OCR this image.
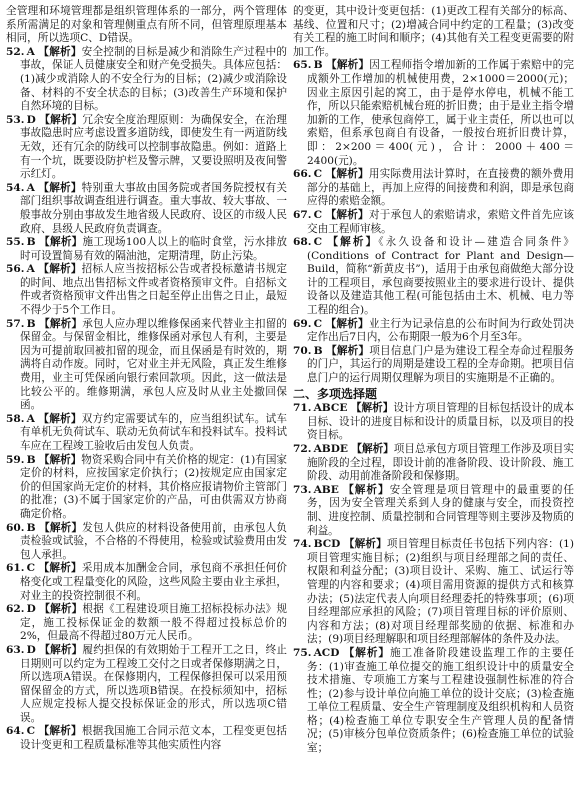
全管理和环境管理都是组织管理体系的一部分，两个管理体系所需满足的对象和管理侧重点有所不同，但管理原理基本相同，所以选项C、D错误。

52.  A 【解析】安全控制的目标是减少和消除生产过程中的事故，保证人员健康安全和财产免受损失。具体应包括：(1)减少或消除人的不安全行为的目标；(2)减少或消除设备、材料的不安全状态的目标；(3)改善生产环境和保护自然环境的目标。

53.  D 【解析】冗余安全度治理原则：为确保安全，在治理事故隐患时应考虑设置多道防线，即使发生有一两道防线无效，还有冗余的防线可以控制事故隐患。例如：道路上有一个坑，既要设防护栏及警示牌，又要设照明及夜间警示红灯。

54.  A 【解析】特别重大事故由国务院或者国务院授权有关部门组织事故调查组进行调查。重大事故、较大事故、一般事故分别由事故发生地省级人民政府、设区的市级人民政府、县级人民政府负责调查。

55.  B 【解析】施工现场100人以上的临时食堂，污水排放时可设置简易有效的隔油池，定期清理，防止污染。

56.  A 【解析】招标人应当按招标公告或者投标邀请书规定的时间、地点出售招标文件或者资格预审文件。自招标文件或者资格预审文件出售之日起至停止出售之日止，最短不得少于5个工作日。

57.  B 【解析】承包人应办理以维修保函来代替业主扣留的保留金。与保留金相比，维修保函对承包人有利，主要是因为可提前取回被扣留的现金，而且保函是有时效的，期满将自动作废。同时，它对业主并无风险，真正发生维修费用，业主可凭保函向银行索回款项。因此，这一做法是比较公平的。维修期满，承包人应及时从业主处撤回保函。

58.  A 【解析】双方约定需要试车的，应当组织试车。试车有单机无负荷试车、联动无负荷试车和投料试车。投料试车应在工程竣工验收后由发包人负责。

59.  B 【解析】物资采购合同中有关价格的规定：(1)有国家定价的材料，应按国家定价执行；(2)按规定应由国家定价的但国家尚无定价的材料，其价格应报请物价主管部门的批准；(3)不属于国家定价的产品，可由供需双方协商确定价格。

60.  B 【解析】发包人供应的材料设备使用前，由承包人负责检验或试验，不合格的不得使用，检验或试验费用由发包人承担。

61.  C 【解析】采用成本加酬金合同，承包商不承担任何价格变化或工程量变化的风险，这些风险主要由业主承担，对业主的投资控制很不利。

62.  D 【解析】根据《工程建设项目施工招标投标办法》规定，施工投标保证金的数额一般不得超过投标总价的2%，但最高不得超过80万元人民币。

63.  D 【解析】履约担保的有效期始于工程开工之日，终止日期则可以约定为工程竣工交付之日或者保修期满之日，所以选项A错误。在保修期内，工程保修担保可以采用预留保留金的方式，所以选项B错误。在投标须知中，招标人应规定投标人提交投标保证金的形式，所以选项C错误。

64.  C 【解析】根据我国施工合同示范文本，工程变更包括设计变更和工程质量标准等其他实质性内容

的变更，其中设计变更包括：(1)更改工程有关部分的标高、基线、位置和尺寸；(2)增减合同中约定的工程量；(3)改变有关工程的施工时间和顺序；(4)其他有关工程变更需要的附加工作。

65.  B 【解析】因工程师指令增加新的工作属于索赔中的完成额外工作增加的机械使用费，2×1000＝2000(元)；因业主原因引起的窝工，由于是停水停电，机械不能工作，所以只能索赔机械台班的折旧费；由于是业主指令增加新的工作，使承包商停工，属于业主责任，所以也可以索赔，但系承包商自有设备，一般按台班折旧费计算，即：2×200＝400(元)，合计：2000＋400＝2400(元)。

66.  C 【解析】用实际费用法计算时，在直接费的额外费用部分的基础上，再加上应得的间接费和利润，即是承包商应得的索赔金额。

67.  C 【解析】对于承包人的索赔请求，索赔文件首先应该交由工程师审核。

68.  C 【解析】《永久设备和设计—建造合同条件》(Conditions of Contract for Plant and Design—Build，简称“新黄皮书”)，适用于由承包商做绝大部分设计的工程项目，承包商要按照业主的要求进行设计、提供设备以及建造其他工程(可能包括由土木、机械、电力等工程的组合)。

69.  C 【解析】业主行为记录信息的公布时间为行政处罚决定作出后7日内，公布期限一般为6个月至3年。

70.  B 【解析】项目信息门户是为建设工程全寿命过程服务的门户，其运行的周期是建设工程的全寿命期。把项目信息门户的运行周期仅理解为项目的实施期是不正确的。

二、多项选择题

71.  ABCE 【解析】设计方项目管理的目标包括设计的成本目标、设计的进度目标和设计的质量目标，以及项目的投资目标。

72.  ABDE 【解析】项目总承包方项目管理工作涉及项目实施阶段的全过程，即设计前的准备阶段、设计阶段、施工阶段、动用前准备阶段和保修期。

73.  ABE 【解析】安全管理是项目管理中的最重要的任务，因为安全管理关系到人身的健康与安全，而投资控制、进度控制、质量控制和合同管理等则主要涉及物质的利益。

74.  BCD 【解析】项目管理目标责任书包括下列内容：(1)项目管理实施目标；(2)组织与项目经理部之间的责任、权限和利益分配；(3)项目设计、采购、施工、试运行等管理的内容和要求；(4)项目需用资源的提供方式和核算办法；(5)法定代表人向项目经理委托的特殊事项；(6)项目经理部应承担的风险；(7)项目管理目标的评价原则、内容和方法；(8)对项目经理部奖励的依据、标准和办法；(9)项目经理解职和项目经理部解体的条件及办法。

75.  ACD 【解析】施工准备阶段建设监理工作的主要任务：(1)审查施工单位提交的施工组织设计中的质量安全技术措施、专项施工方案与工程建设强制性标准的符合性；(2)参与设计单位向施工单位的设计交底；(3)检查施工单位工程质量、安全生产管理制度及组织机构和人员资格；(4)检查施工单位专职安全生产管理人员的配备情况；(5)审核分包单位资质条件；(6)检查施工单位的试验室；
